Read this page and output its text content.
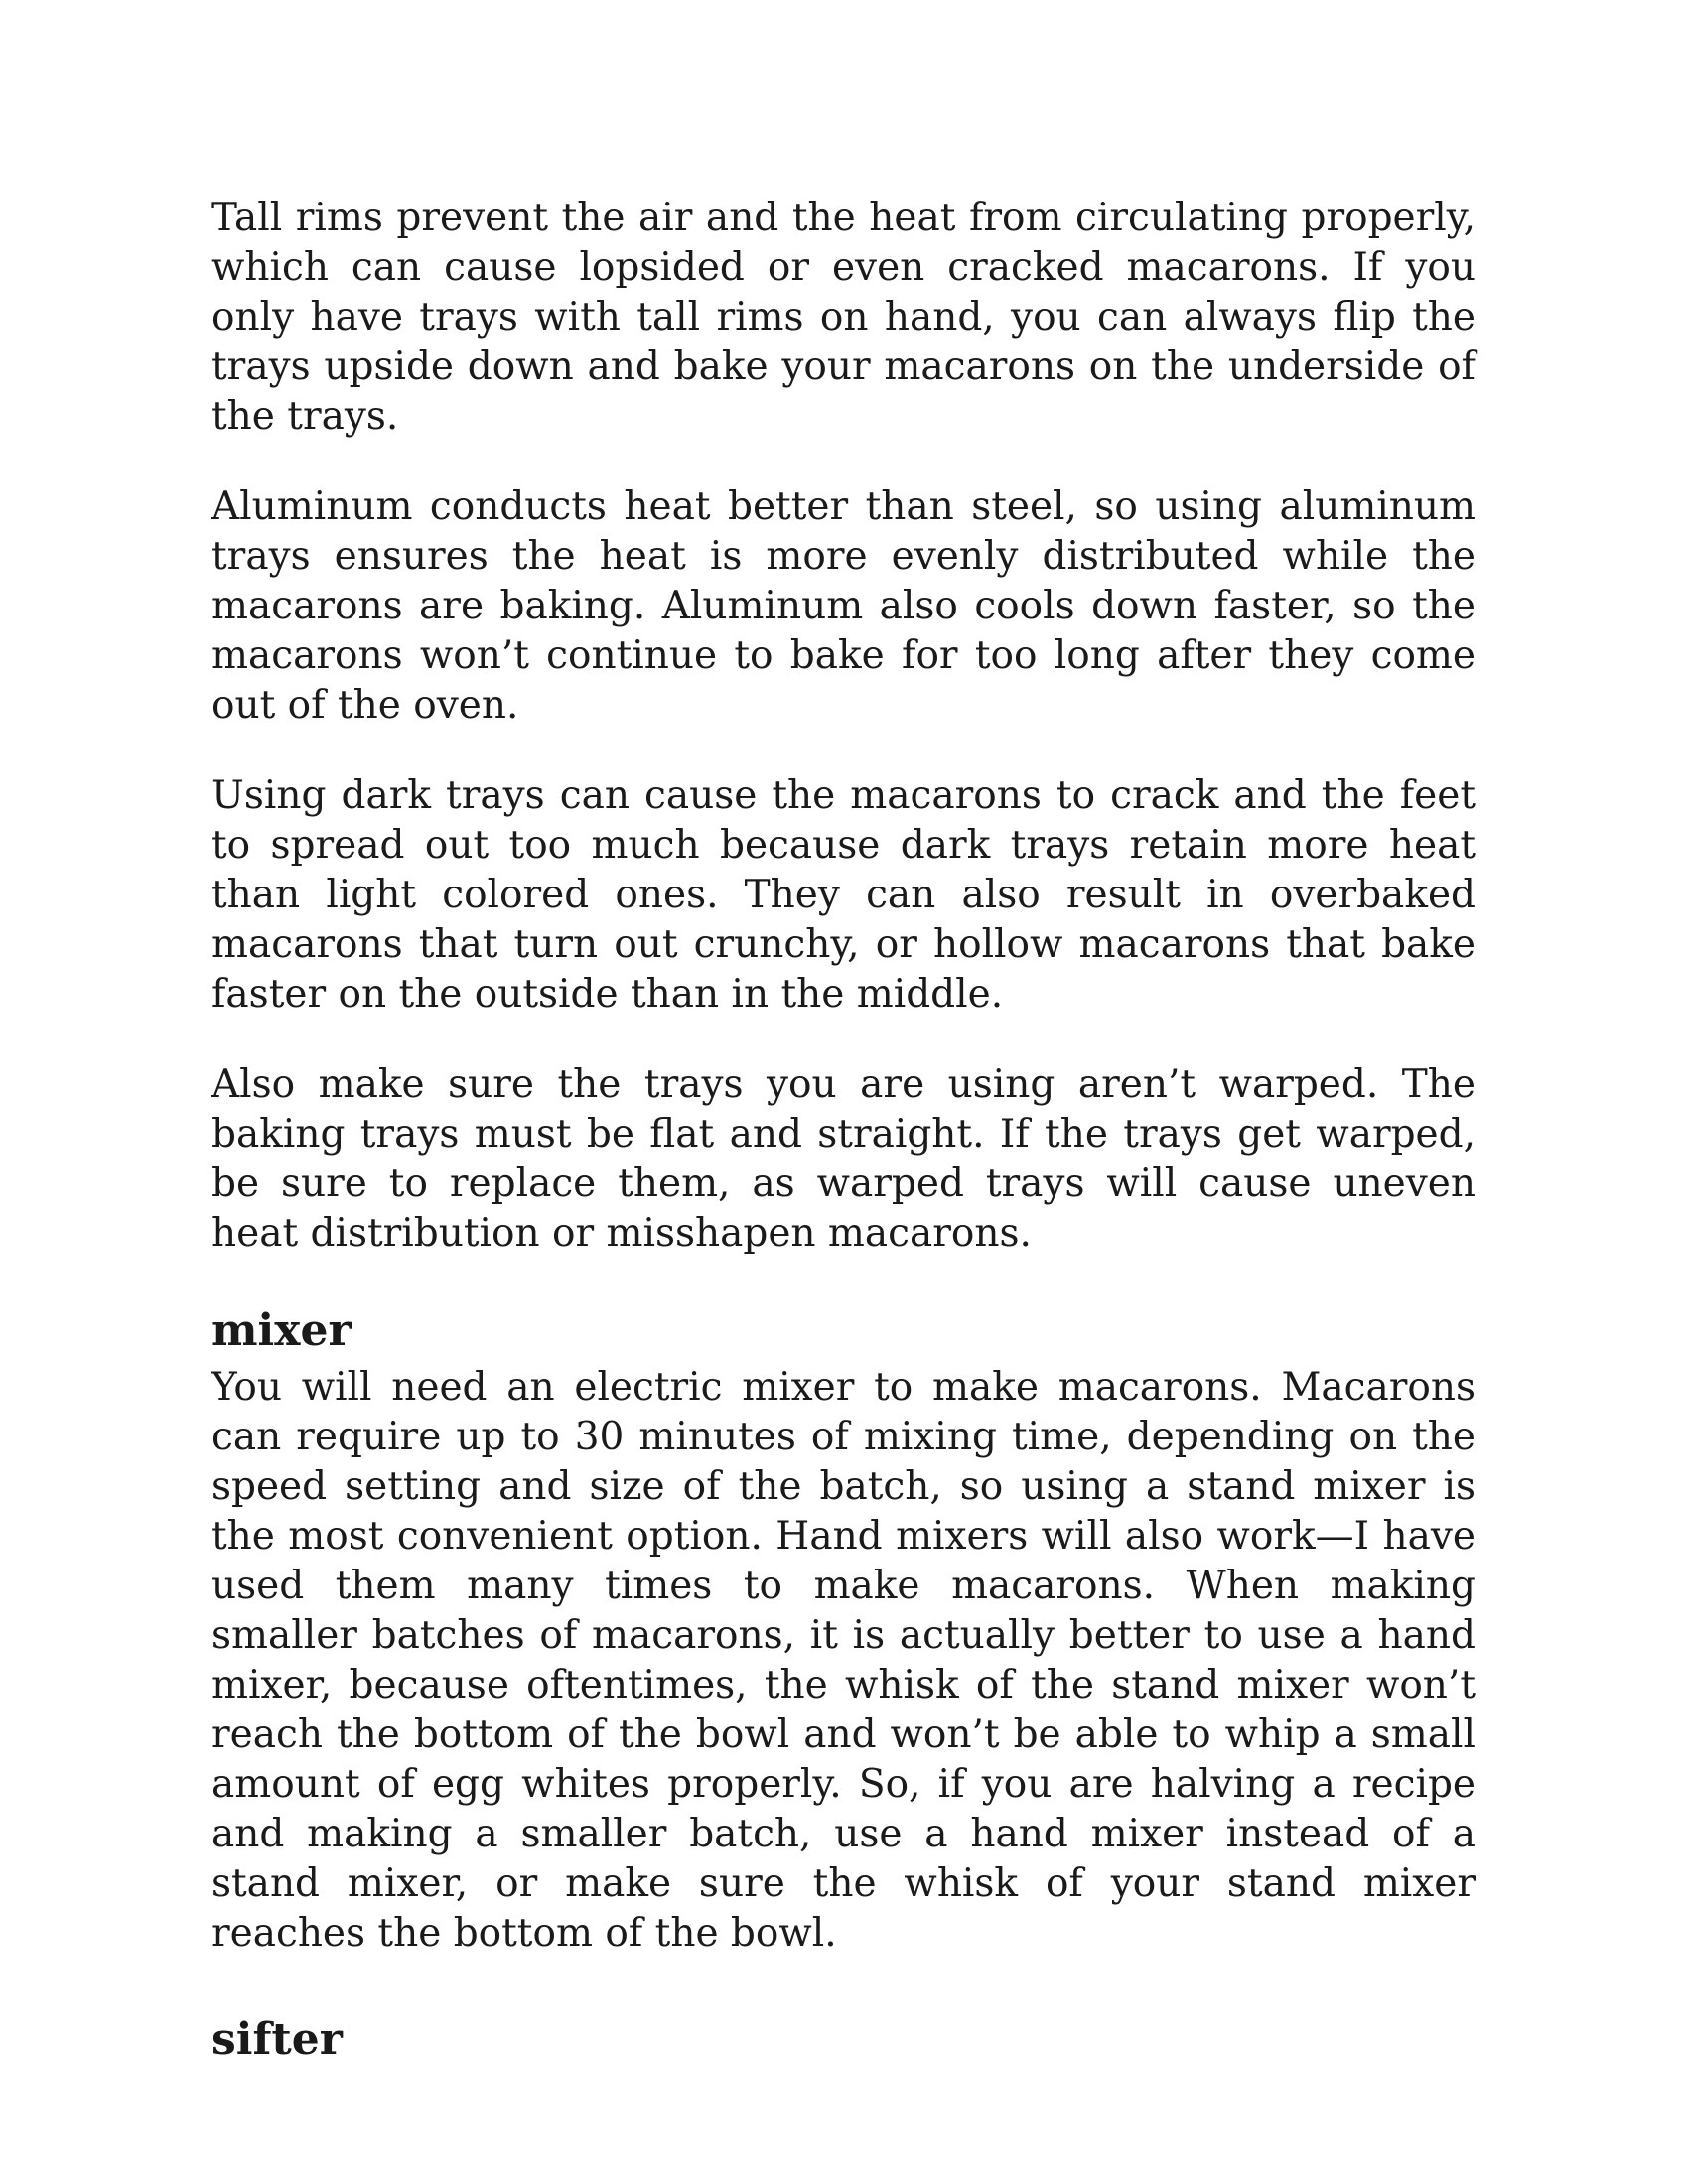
Tall rims prevent the air and the heat from circulating properly, which can cause lopsided or even cracked macarons. If you only have trays with tall rims on hand, you can always flip the trays upside down and bake your macarons on the underside of the trays.

Aluminum conducts heat better than steel, so using aluminum trays ensures the heat is more evenly distributed while the macarons are baking. Aluminum also cools down faster, so the macarons won’t continue to bake for too long after they come out of the oven.

Using dark trays can cause the macarons to crack and the feet to spread out too much because dark trays retain more heat than light colored ones. They can also result in overbaked macarons that turn out crunchy, or hollow macarons that bake faster on the outside than in the middle.

Also make sure the trays you are using aren’t warped. The baking trays must be flat and straight. If the trays get warped, be sure to replace them, as warped trays will cause uneven heat distribution or misshapen macarons.

mixer

You will need an electric mixer to make macarons. Macarons can require up to 30 minutes of mixing time, depending on the speed setting and size of the batch, so using a stand mixer is the most convenient option. Hand mixers will also work—I have used them many times to make macarons. When making smaller batches of macarons, it is actually better to use a hand mixer, because oftentimes, the whisk of the stand mixer won’t reach the bottom of the bowl and won’t be able to whip a small amount of egg whites properly. So, if you are halving a recipe and making a smaller batch, use a hand mixer instead of a stand mixer, or make sure the whisk of your stand mixer reaches the bottom of the bowl.

sifter
